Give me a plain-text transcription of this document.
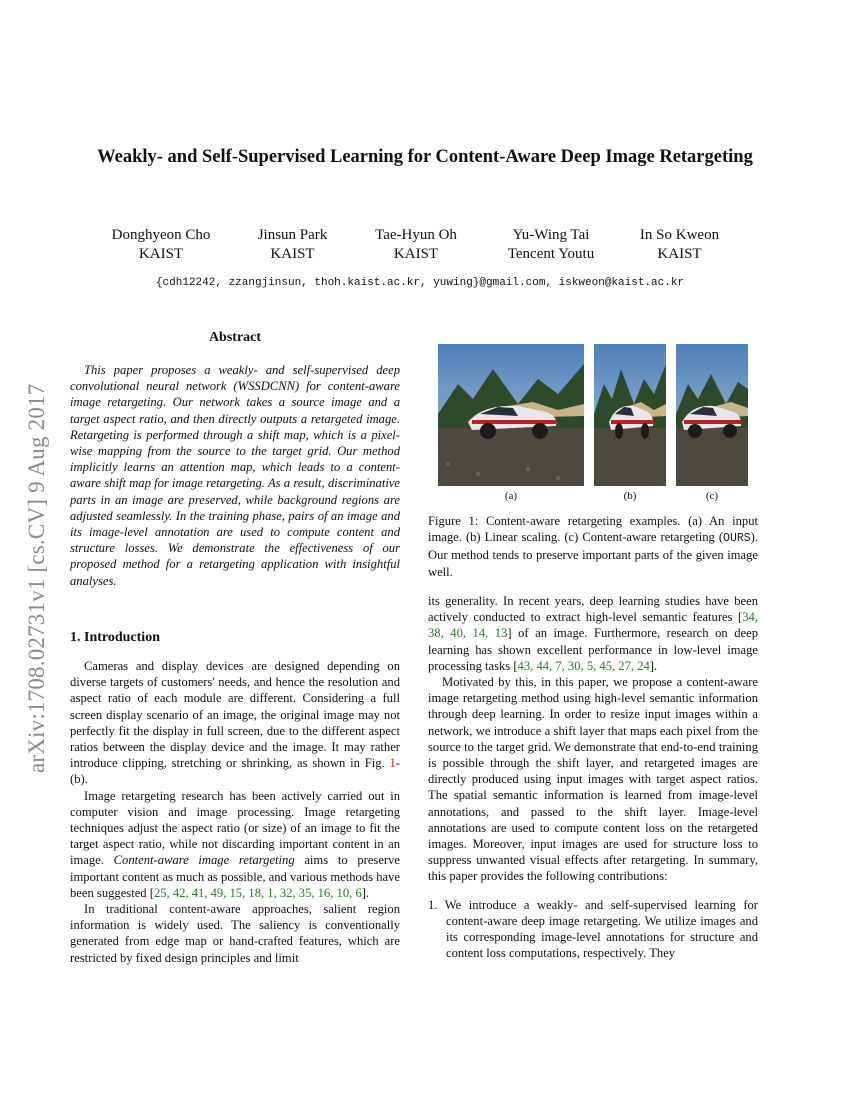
arXiv:1708.02731v1 [cs.CV] 9 Aug 2017
Weakly- and Self-Supervised Learning for Content-Aware Deep Image Retargeting
Donghyeon Cho
KAIST
Jinsun Park
KAIST
Tae-Hyun Oh
KAIST
Yu-Wing Tai
Tencent Youtu
In So Kweon
KAIST
{cdh12242, zzangjinsun, thoh.kaist.ac.kr, yuwing}@gmail.com, iskweon@kaist.ac.kr
Abstract

This paper proposes a weakly- and self-supervised deep convolutional neural network (WSSDCNN) for content-aware image retargeting. Our network takes a source image and a target aspect ratio, and then directly outputs a retargeted image. Retargeting is performed through a shift map, which is a pixel-wise mapping from the source to the target grid. Our method implicitly learns an attention map, which leads to a content-aware shift map for image retargeting. As a result, discriminative parts in an image are preserved, while background regions are adjusted seamlessly. In the training phase, pairs of an image and its image-level annotation are used to compute content and structure losses. We demonstrate the effectiveness of our proposed method for a retargeting application with insightful analyses.

1. Introduction

Cameras and display devices are designed depending on diverse targets of customers' needs, and hence the resolution and aspect ratio of each module are different. Considering a full screen display scenario of an image, the original image may not perfectly fit the display in full screen, due to the different aspect ratios between the display device and the image. It may rather introduce clipping, stretching or shrinking, as shown in Fig. 1-(b).

Image retargeting research has been actively carried out in computer vision and image processing. Image retargeting techniques adjust the aspect ratio (or size) of an image to fit the target aspect ratio, while not discarding important content in an image. Content-aware image retargeting aims to preserve important content as much as possible, and various methods have been suggested [25, 42, 41, 49, 15, 18, 1, 32, 35, 16, 10, 6].

In traditional content-aware approaches, salient region information is widely used. The saliency is conventionally generated from edge map or hand-crafted features, which are restricted by fixed design principles and limit

(a)	(b)	(c)

Figure 1: Content-aware retargeting examples. (a) An input image. (b) Linear scaling. (c) Content-aware retargeting (OURS). Our method tends to preserve important parts of the given image well.

its generality. In recent years, deep learning studies have been actively conducted to extract high-level semantic features [34, 38, 40, 14, 13] of an image. Furthermore, research on deep learning has shown excellent performance in low-level image processing tasks [43, 44, 7, 30, 5, 45, 27, 24].

Motivated by this, in this paper, we propose a content-aware image retargeting method using high-level semantic information through deep learning. In order to resize input images within a network, we introduce a shift layer that maps each pixel from the source to the target grid. We demonstrate that end-to-end training is possible through the shift layer, and retargeted images are directly produced using input images with target aspect ratios. The spatial semantic information is learned from image-level annotations, and passed to the shift layer. Image-level annotations are used to compute content loss on the retargeted images. Moreover, input images are used for structure loss to suppress unwanted visual effects after retargeting. In summary, this paper provides the following contributions:

1. We introduce a weakly- and self-supervised learning for content-aware deep image retargeting. We utilize images and its corresponding image-level annotations for structure and content loss computations, respectively. They
